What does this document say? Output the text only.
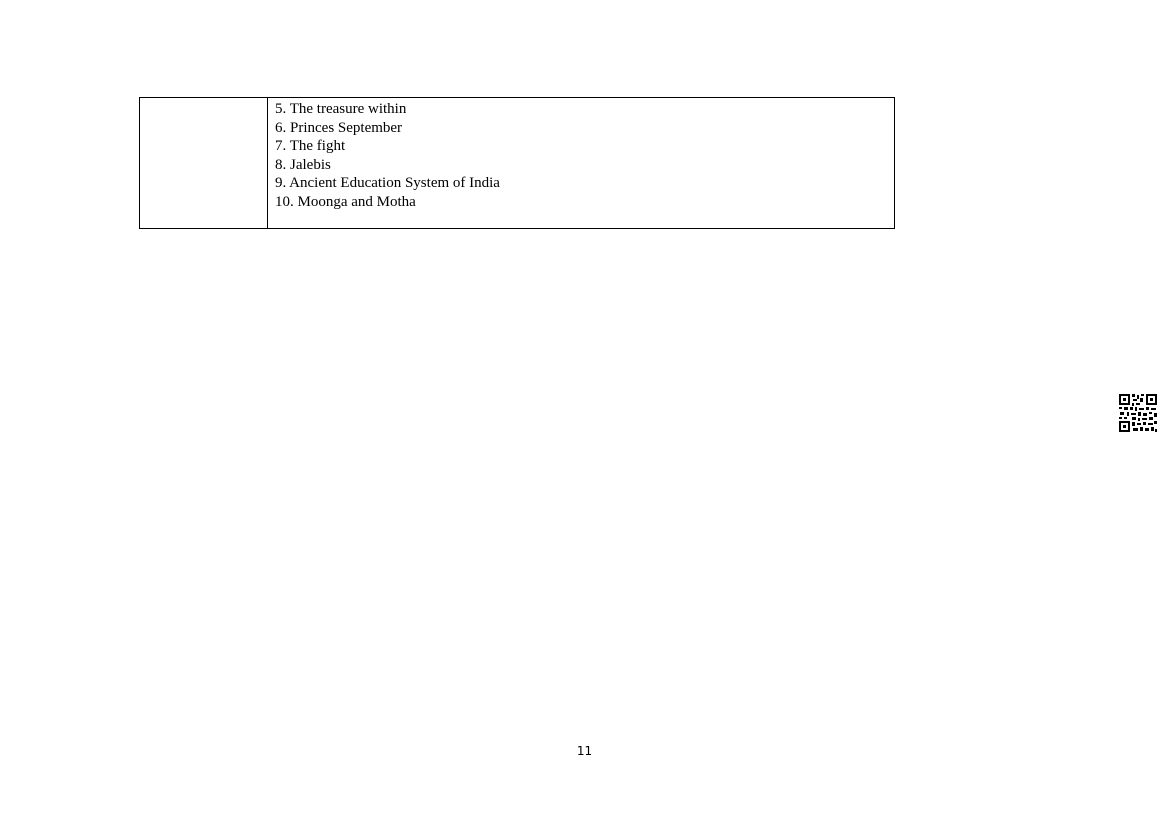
5. The treasure within
6. Princes September
7. The fight
8. Jalebis
9. Ancient Education System of India
10. Moonga and Motha
11
